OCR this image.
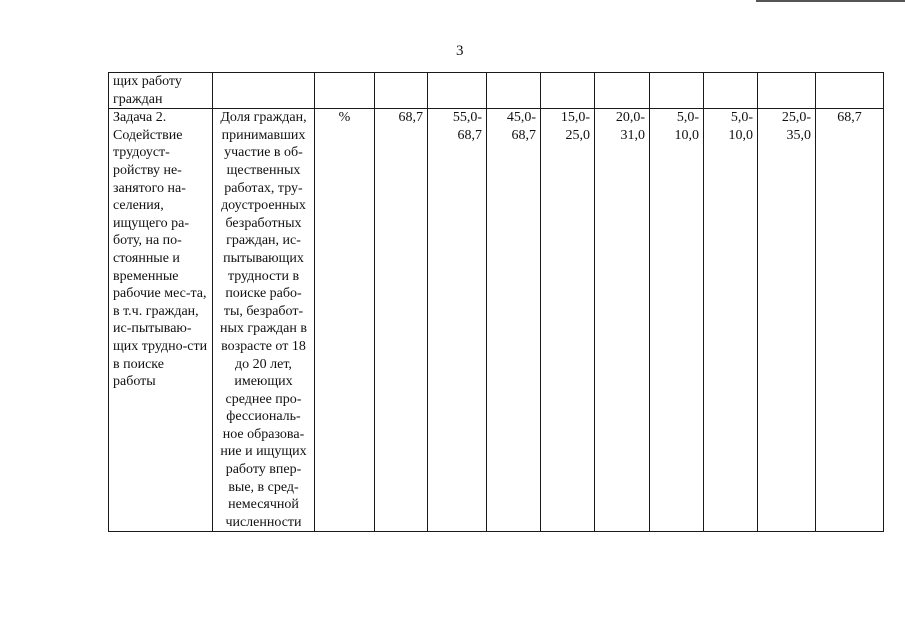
3
щих работу граждан											

Задача 2. Содействие трудоуст-ройству не-занятого на-селения, ищущего ра-боту, на по-стоянные и временные рабочие мес-та, в т.ч. граждан, ис-пытываю-щих трудно-сти в поиске работы	Доля граждан, принимавших участие в об-щественных работах, тру-доустроенных безработных граждан, ис-пытывающих трудности в поиске рабо-ты, безработ-ных граждан в возрасте от 18 до 20 лет, имеющих среднее про-фессиональ-ное образова-ние и ищущих работу впер-вые, в сред-немесячной численности	%	68,7	55,0-68,7	45,0-68,7	15,0-25,0	20,0-31,0	5,0-10,0	5,0-10,0	25,0-35,0	68,7
